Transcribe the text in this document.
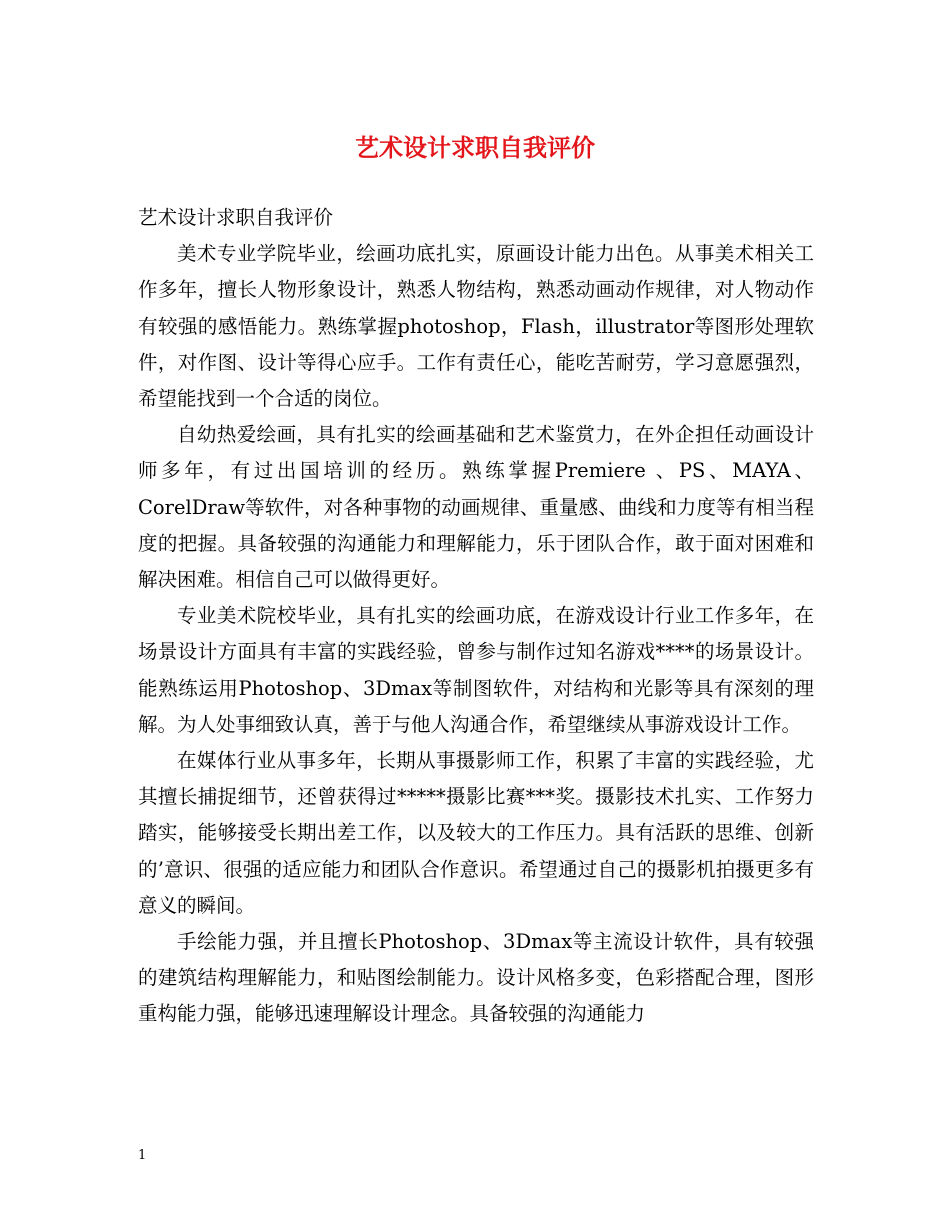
艺术设计求职自我评价

艺术设计求职自我评价

美术专业学院毕业，绘画功底扎实，原画设计能力出色。从事美术相关工作多年，擅长人物形象设计，熟悉人物结构，熟悉动画动作规律，对人物动作有较强的感悟能力。熟练掌握photoshop，Flash，illustrator等图形处理软件，对作图、设计等得心应手。工作有责任心，能吃苦耐劳，学习意愿强烈，希望能找到一个合适的岗位。

自幼热爱绘画，具有扎实的绘画基础和艺术鉴赏力，在外企担任动画设计师多年，有过出国培训的经历。熟练掌握Premiere 、PS、MAYA、CorelDraw等软件，对各种事物的动画规律、重量感、曲线和力度等有相当程度的把握。具备较强的沟通能力和理解能力，乐于团队合作，敢于面对困难和解决困难。相信自己可以做得更好。

专业美术院校毕业，具有扎实的绘画功底，在游戏设计行业工作多年，在场景设计方面具有丰富的实践经验，曾参与制作过知名游戏****的场景设计。能熟练运用Photoshop、3Dmax等制图软件，对结构和光影等具有深刻的理解。为人处事细致认真，善于与他人沟通合作，希望继续从事游戏设计工作。

在媒体行业从事多年，长期从事摄影师工作，积累了丰富的实践经验，尤其擅长捕捉细节，还曾获得过*****摄影比赛***奖。摄影技术扎实、工作努力踏实，能够接受长期出差工作，以及较大的工作压力。具有活跃的思维、创新的’意识、很强的适应能力和团队合作意识。希望通过自己的摄影机拍摄更多有意义的瞬间。

手绘能力强，并且擅长Photoshop、3Dmax等主流设计软件，具有较强的建筑结构理解能力，和贴图绘制能力。设计风格多变，色彩搭配合理，图形重构能力强，能够迅速理解设计理念。具备较强的沟通能力

1
